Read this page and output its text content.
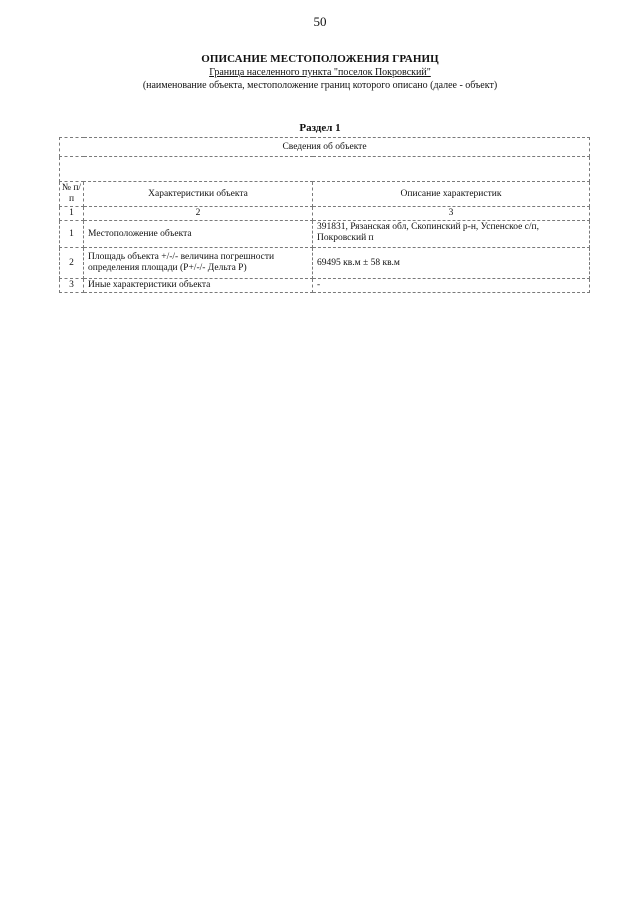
50
ОПИСАНИЕ МЕСТОПОЛОЖЕНИЯ ГРАНИЦ
Граница населенного пункта "поселок Покровский"
(наименование объекта, местоположение границ которого описано (далее - объект)
Раздел 1
Сведения об объекте		

№ п/п	Характеристики объекта	Описание характеристик
1	2	3
1	Местоположение объекта	391831, Рязанская обл, Скопинский р-н, Успенское с/п, Покровский п
2	Площадь объекта +/-/- величина погрешности определения площади (Р+/-/- Дельта Р)	69495 кв.м ± 58 кв.м
3	Иные характеристики объекта	-
